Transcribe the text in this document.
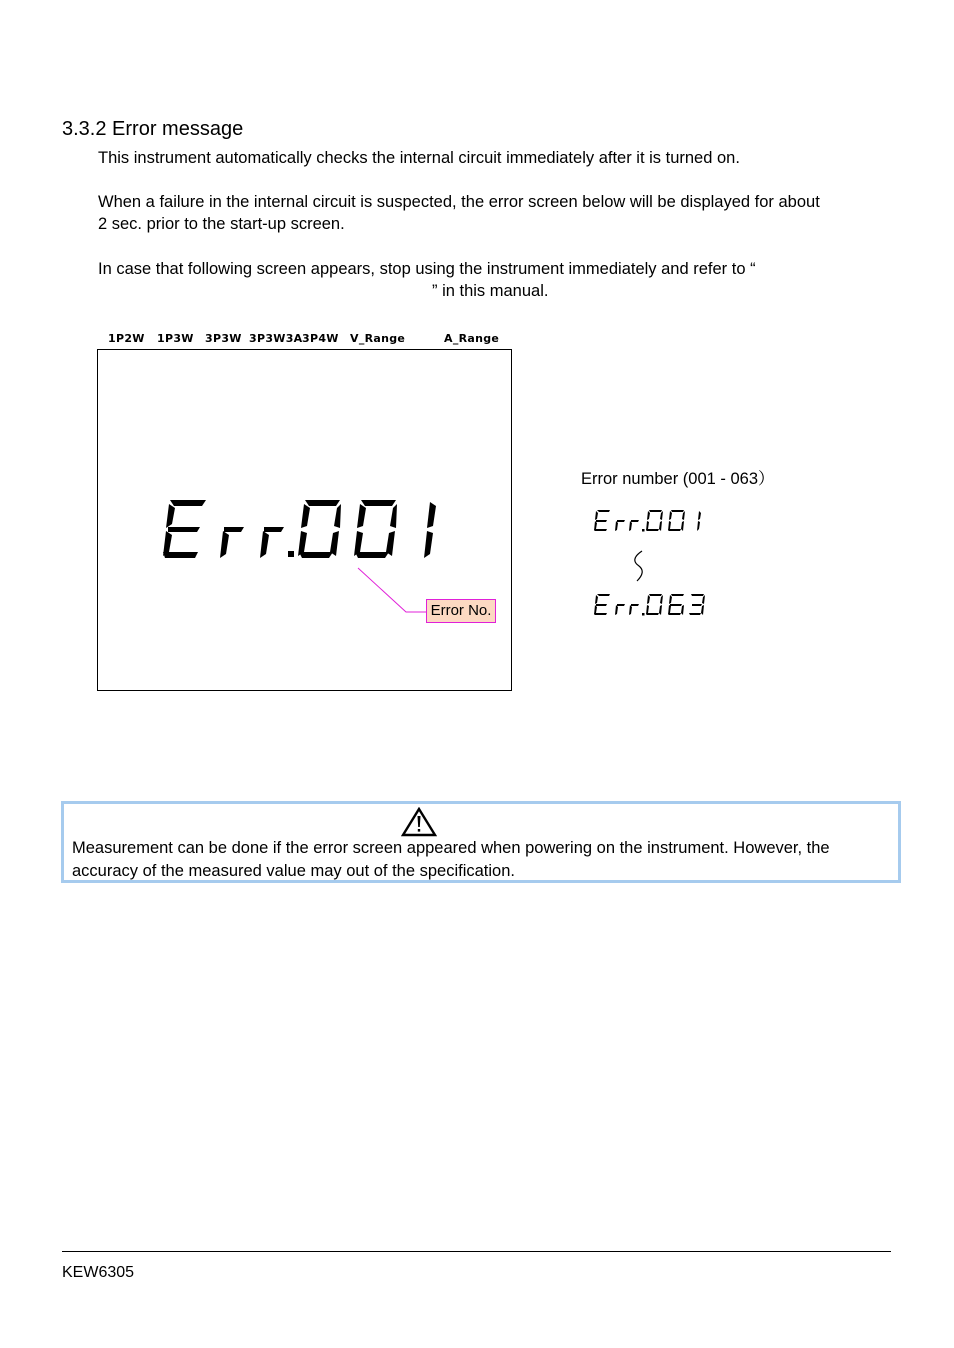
3.3.2 Error message
This instrument automatically checks the internal circuit immediately after it is turned on.
When a failure in the internal circuit is suspected, the error screen below will be displayed for about
2 sec. prior to the start-up screen.
In case that following screen appears, stop using the instrument immediately and refer to “
” in this manual.
1P2W 1P3W 3P3W 3P3W3A 3P4W V_Range	A_Range
Error No.
Error number (001 - 063）
Measurement can be done if the error screen appeared when powering on the instrument. However, the
accuracy of the measured value may out of the specification.
KEW6305
